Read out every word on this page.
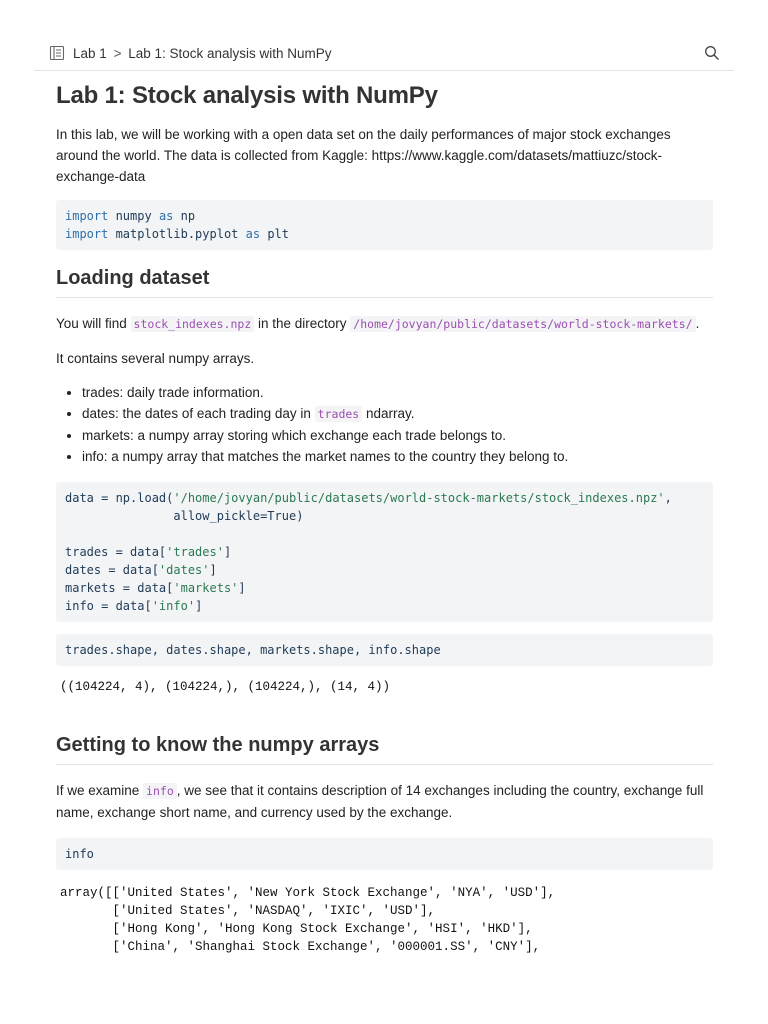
Lab 1 > Lab 1: Stock analysis with NumPy
Lab 1: Stock analysis with NumPy

In this lab, we will be working with a open data set on the daily performances of major stock exchanges around the world. The data is collected from Kaggle: https://www.kaggle.com/datasets/mattiuzc/stock-exchange-data

import numpy as np
import matplotlib.pyplot as plt
Loading dataset

You will find stock_indexes.npz in the directory /home/jovyan/public/datasets/world-stock-markets/ .

It contains several numpy arrays.

• trades: daily trade information.
• dates: the dates of each trading day in trades ndarray.
• markets: a numpy array storing which exchange each trade belongs to.
• info: a numpy array that matches the market names to the country they belong to.
data = np.load('/home/jovyan/public/datasets/world-stock-markets/stock_indexes.npz',
allow_pickle=True)

trades = data['trades']
dates = data['dates']
markets = data['markets']
info = data['info']
trades.shape, dates.shape, markets.shape, info.shape
((104224, 4), (104224,), (104224,), (14, 4))
Getting to know the numpy arrays

If we examine info , we see that it contains description of 14 exchanges including the country, exchange full name, exchange short name, and currency used by the exchange.

info
array([['United States', 'New York Stock Exchange', 'NYA', 'USD'],
['United States', 'NASDAQ', 'IXIC', 'USD'],
['Hong Kong', 'Hong Kong Stock Exchange', 'HSI', 'HKD'],
['China', 'Shanghai Stock Exchange', '000001.SS', 'CNY'],
